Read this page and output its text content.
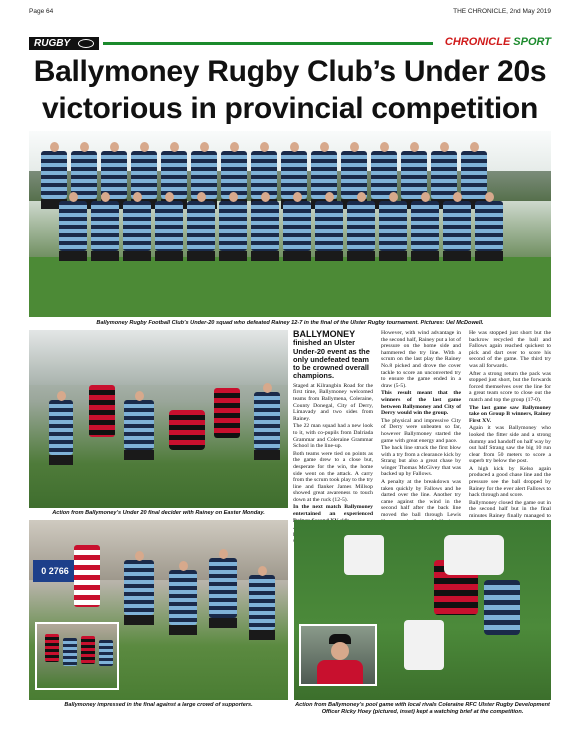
Page 64	THE CHRONICLE, 2nd May 2019
RUGBY	CHRONICLE SPORT
Ballymoney Rugby Club’s Under 20s
victorious in provincial competition
Ballymoney Rugby Football Club’s Under-20 squad who defeated Rainey 12-7 in the final of the Ulster Rugby tournament. Pictures: Uel McDowell.
Action from Ballymoney’s Under 20 final decider with Rainey on Easter Monday.

BALLYMONEY finished an Ulster Under-20 event as the only undefeated team to be crowned overall champions.

Staged at Kilrangbin Road for the first time, Ballymoney welcomed teams from Ballymena, Coleraine, County Donegal, City of Derry, Limavady and two sides from Rainey.

The 22 man squad had a new look to it, with co-pupils from Dalriada Grammar and Coleraine Grammar School in the line-up.

Both teams were tied on points as the game drew to a close but, desperate for the win, the home side went on the attack. A carry from the scrum took play to the try line and flanker James Millsop showed great awareness to touch down at the ruck (12-5).

In the next match Ballymoney entertained an experienced

However, with wind advantage in the second half, Rainey put a lot of pressure on the home side and hammered the try line. With a scrum on the last play the Rainey No.8 picked and drove the cover tackle to score an unconverted try to ensure the game ended in a draw (5-5).

This result meant that the winners of the last game between Ballymoney and City of Derry would win the group.

The physical and impressive City of Derry were unbeaten so far, however Ballymoney started the game with great energy and pace.

The back line struck the first blow with a try from a clearance kick by Strang but also a great chase by winger Thomas McGivey that was backed up by Fallows.

A penalty at the breakdown was taken quickly by Fallows and he darted over the line. Another try came against the wind in the second half after the back line moved the ball through Lewis

He was stopped just short but the backrow recycled the ball and Fallows again reached quickest to pick and dart over to score his second of the game. The third try was all forwards.

After a strong return the pack was stopped just short, but the forwards forced themselves over the line for a great team score to close out the match and top the group (17-0).

The last game saw Ballymoney take on Group B winners, Rainey First XV.

Again it was Ballymoney who looked the fitter side and a strong dummy and handoff on half way by out half Strang saw the big 10 run clear from 50 meters to score a superb try below the post.

A high kick by Kelso again produced a good chase line and the pressure see the ball dropped by Rainey for the ever alert Fallows to hack through and score.

Ballymoney closed the game out in the second half but in the final minutes Rainey finally managed to

0 2766
Ballymoney impressed in the final against a large crowd of supporters.	Action from Ballymoney’s pool game with local rivals Coleraine RFC Ulster Rugby Development Officer Ricky Hoey (pictured, inset) kept a watching brief at the competition.
